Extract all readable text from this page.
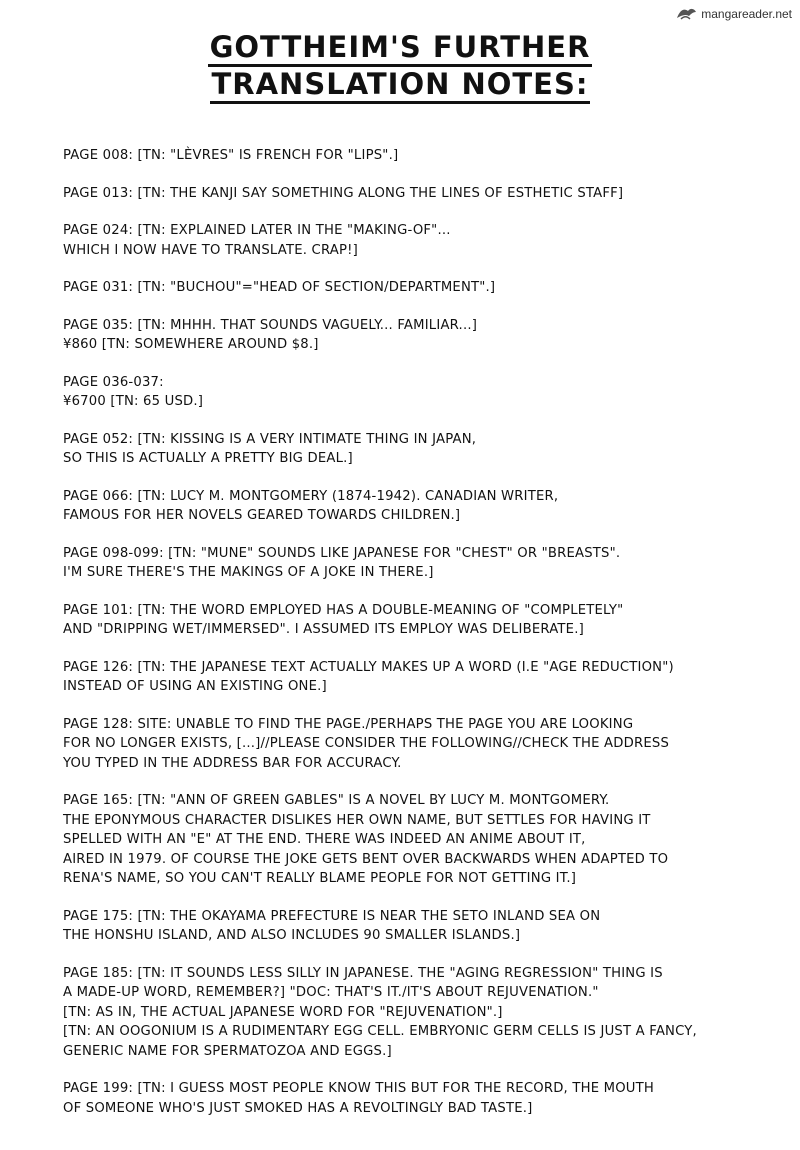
mangareader.net
GOTTHEIM'S FURTHER
TRANSLATION NOTES:
PAGE 008: [TN: "LÈVRES" IS FRENCH FOR "LIPS".]
PAGE 013: [TN: THE KANJI SAY SOMETHING ALONG THE LINES OF ESTHETIC STAFF]
PAGE 024: [TN: EXPLAINED LATER IN THE "MAKING-OF"...
WHICH I NOW HAVE TO TRANSLATE. CRAP!]
PAGE 031: [TN: "BUCHOU"="HEAD OF SECTION/DEPARTMENT".]
PAGE 035: [TN: MHHH. THAT SOUNDS VAGUELY... FAMILIAR...]
¥860 [TN: SOMEWHERE AROUND $8.]
PAGE 036-037:
¥6700 [TN: 65 USD.]
PAGE 052: [TN: KISSING IS A VERY INTIMATE THING IN JAPAN,
SO THIS IS ACTUALLY A PRETTY BIG DEAL.]
PAGE 066: [TN: LUCY M. MONTGOMERY (1874-1942). CANADIAN WRITER,
FAMOUS FOR HER NOVELS GEARED TOWARDS CHILDREN.]
PAGE 098-099: [TN: "MUNE" SOUNDS LIKE JAPANESE FOR "CHEST" OR "BREASTS".
I'M SURE THERE'S THE MAKINGS OF A JOKE IN THERE.]
PAGE 101: [TN: THE WORD EMPLOYED HAS A DOUBLE-MEANING OF "COMPLETELY"
AND "DRIPPING WET/IMMERSED". I ASSUMED ITS EMPLOY WAS DELIBERATE.]
PAGE 126: [TN: THE JAPANESE TEXT ACTUALLY MAKES UP A WORD (I.E "AGE REDUCTION")
INSTEAD OF USING AN EXISTING ONE.]
PAGE 128: SITE: UNABLE TO FIND THE PAGE./PERHAPS THE PAGE YOU ARE LOOKING
FOR NO LONGER EXISTS, [...]//PLEASE CONSIDER THE FOLLOWING//CHECK THE ADDRESS
YOU TYPED IN THE ADDRESS BAR FOR ACCURACY.
PAGE 165: [TN: "ANN OF GREEN GABLES" IS A NOVEL BY LUCY M. MONTGOMERY.
THE EPONYMOUS CHARACTER DISLIKES HER OWN NAME, BUT SETTLES FOR HAVING IT
SPELLED WITH AN "E" AT THE END. THERE WAS INDEED AN ANIME ABOUT IT,
AIRED IN 1979. OF COURSE THE JOKE GETS BENT OVER BACKWARDS WHEN ADAPTED TO
RENA'S NAME, SO YOU CAN'T REALLY BLAME PEOPLE FOR NOT GETTING IT.]
PAGE 175: [TN: THE OKAYAMA PREFECTURE IS NEAR THE SETO INLAND SEA ON
THE HONSHU ISLAND, AND ALSO INCLUDES 90 SMALLER ISLANDS.]
PAGE 185: [TN: IT SOUNDS LESS SILLY IN JAPANESE. THE "AGING REGRESSION" THING IS
A MADE-UP WORD, REMEMBER?] "DOC: THAT'S IT./IT'S ABOUT REJUVENATION."
[TN: AS IN, THE ACTUAL JAPANESE WORD FOR "REJUVENATION".]
[TN: AN OOGONIUM IS A RUDIMENTARY EGG CELL. EMBRYONIC GERM CELLS IS JUST A FANCY,
GENERIC NAME FOR SPERMATOZOA AND EGGS.]
PAGE 199: [TN: I GUESS MOST PEOPLE KNOW THIS BUT FOR THE RECORD, THE MOUTH
OF SOMEONE WHO'S JUST SMOKED HAS A REVOLTINGLY BAD TASTE.]
